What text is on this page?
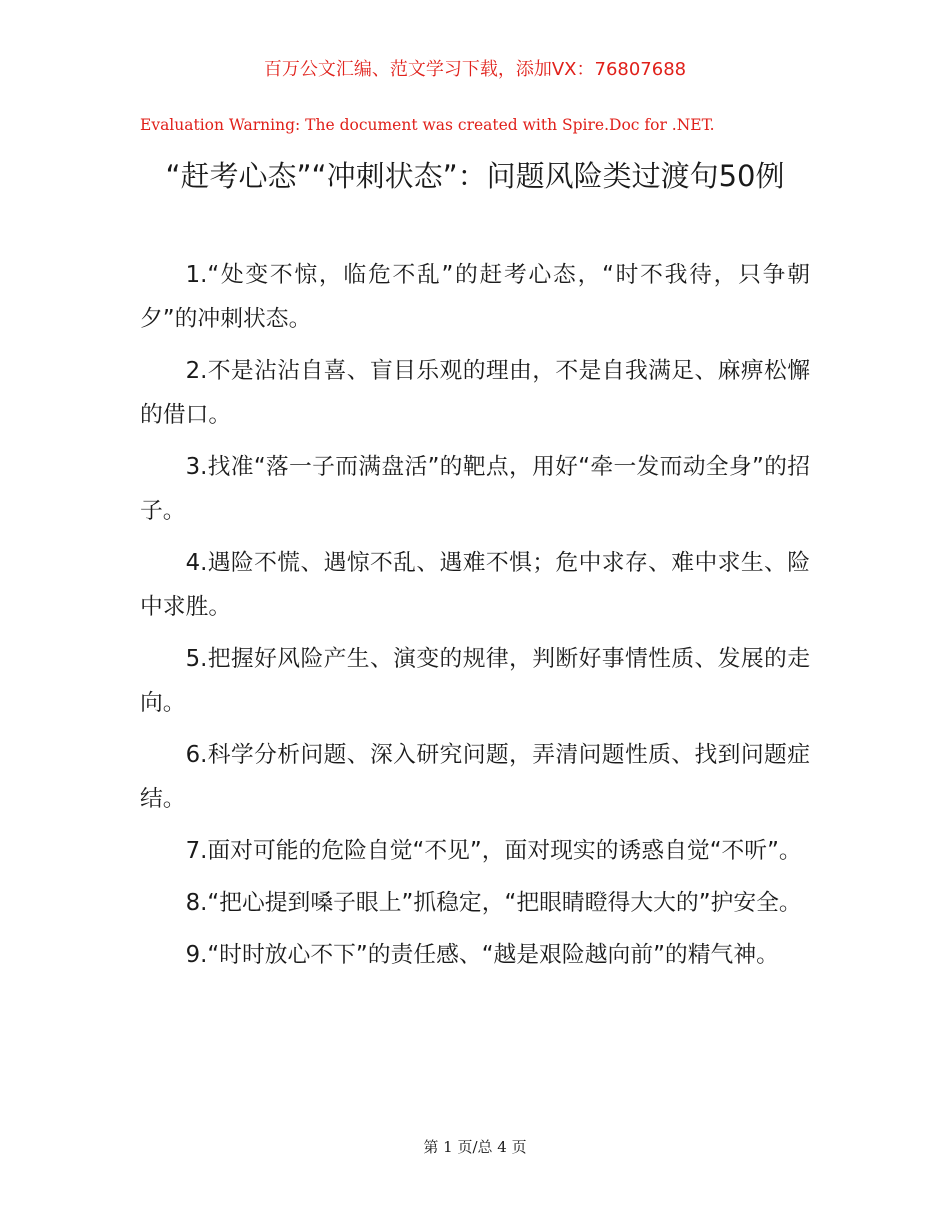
百万公文汇编、范文学习下载，添加VX：76807688
Evaluation Warning: The document was created with Spire.Doc for .NET.
“赶考心态”“冲刺状态”：问题风险类过渡句50例

1.“处变不惊，临危不乱”的赶考心态，“时不我待，只争朝夕”的冲刺状态。

2.不是沾沾自喜、盲目乐观的理由，不是自我满足、麻痹松懈的借口。

3.找准“落一子而满盘活”的靶点，用好“牵一发而动全身”的招子。

4.遇险不慌、遇惊不乱、遇难不惧；危中求存、难中求生、险中求胜。

5.把握好风险产生、演变的规律，判断好事情性质、发展的走向。

6.科学分析问题、深入研究问题，弄清问题性质、找到问题症结。

7.面对可能的危险自觉“不见”，面对现实的诱惑自觉“不听”。

8.“把心提到嗓子眼上”抓稳定，“把眼睛瞪得大大的”护安全。

9.“时时放心不下”的责任感、“越是艰险越向前”的精气神。

第 1 页/总 4 页
